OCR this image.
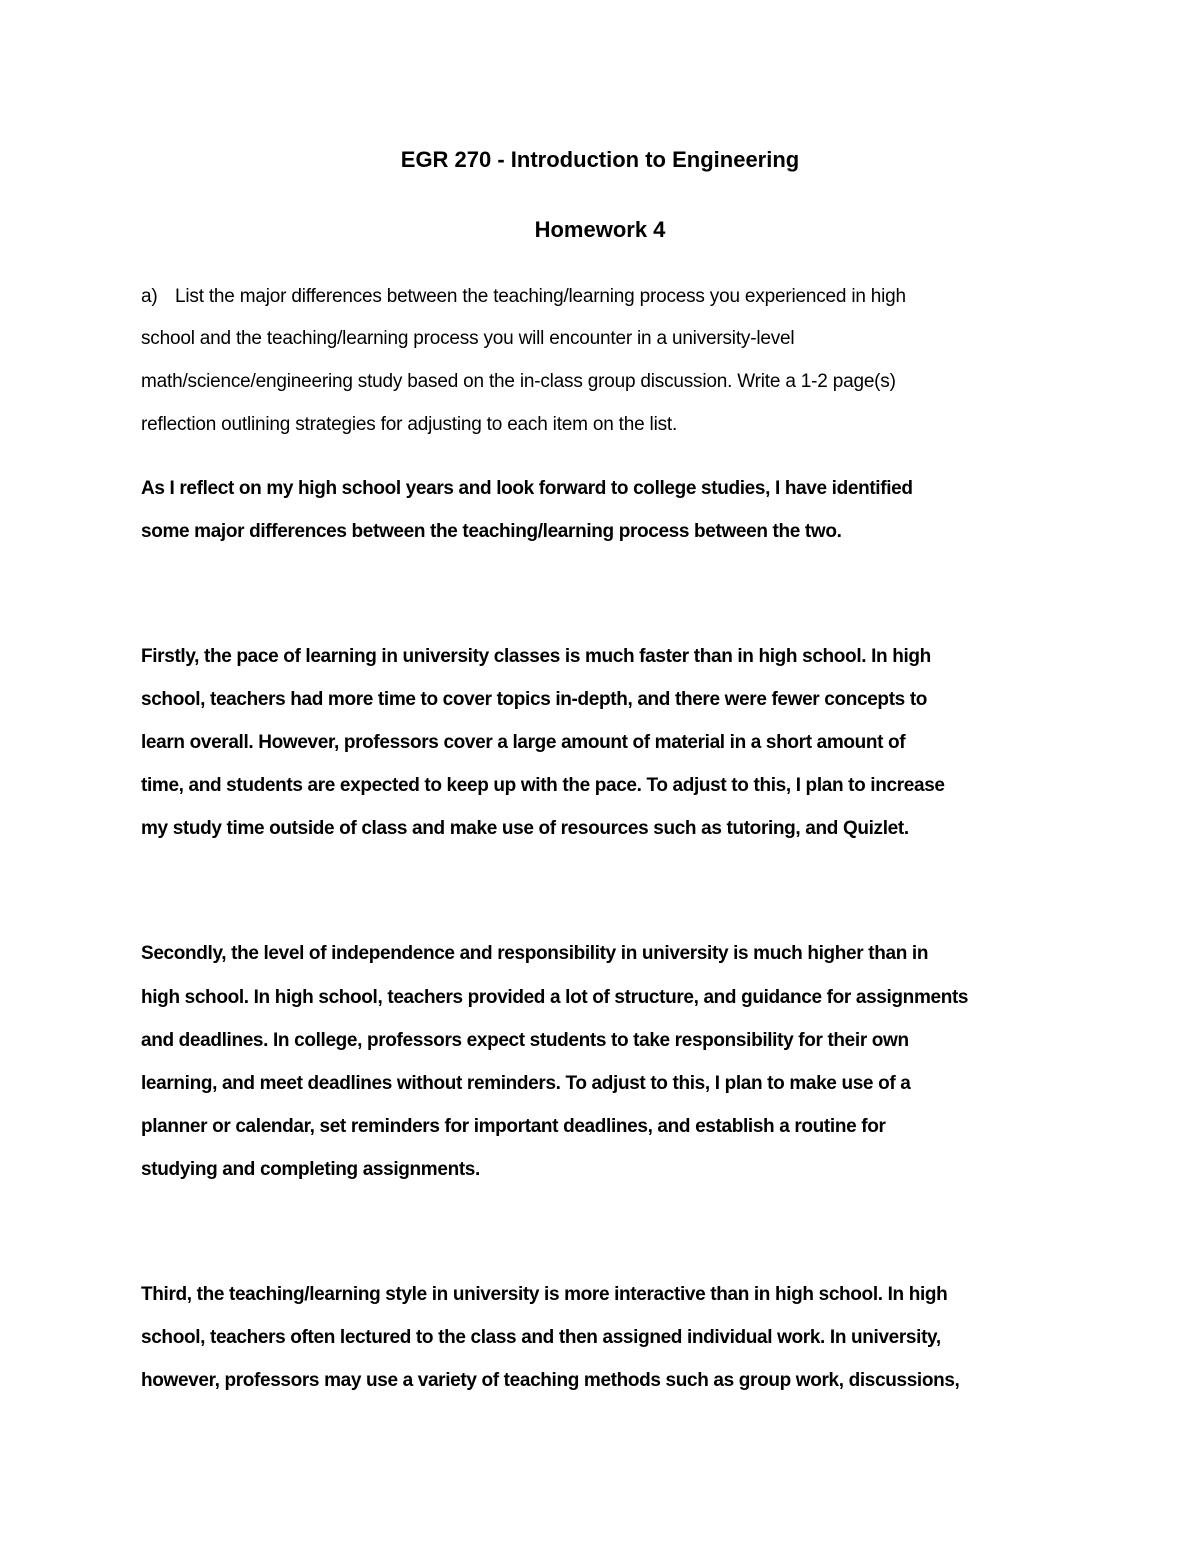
EGR 270 - Introduction to Engineering
Homework 4
a) List the major differences between the teaching/learning process you experienced in high
school and the teaching/learning process you will encounter in a university-level
math/science/engineering study based on the in-class group discussion. Write a 1-2 page(s)
reflection outlining strategies for adjusting to each item on the list.
As I reflect on my high school years and look forward to college studies, I have identified
some major differences between the teaching/learning process between the two.
Firstly, the pace of learning in university classes is much faster than in high school. In high
school, teachers had more time to cover topics in-depth, and there were fewer concepts to
learn overall. However, professors cover a large amount of material in a short amount of
time, and students are expected to keep up with the pace. To adjust to this, I plan to increase
my study time outside of class and make use of resources such as tutoring, and Quizlet.
Secondly, the level of independence and responsibility in university is much higher than in
high school. In high school, teachers provided a lot of structure, and guidance for assignments
and deadlines. In college, professors expect students to take responsibility for their own
learning, and meet deadlines without reminders. To adjust to this, I plan to make use of a
planner or calendar, set reminders for important deadlines, and establish a routine for
studying and completing assignments.
Third, the teaching/learning style in university is more interactive than in high school. In high
school, teachers often lectured to the class and then assigned individual work. In university,
however, professors may use a variety of teaching methods such as group work, discussions,
